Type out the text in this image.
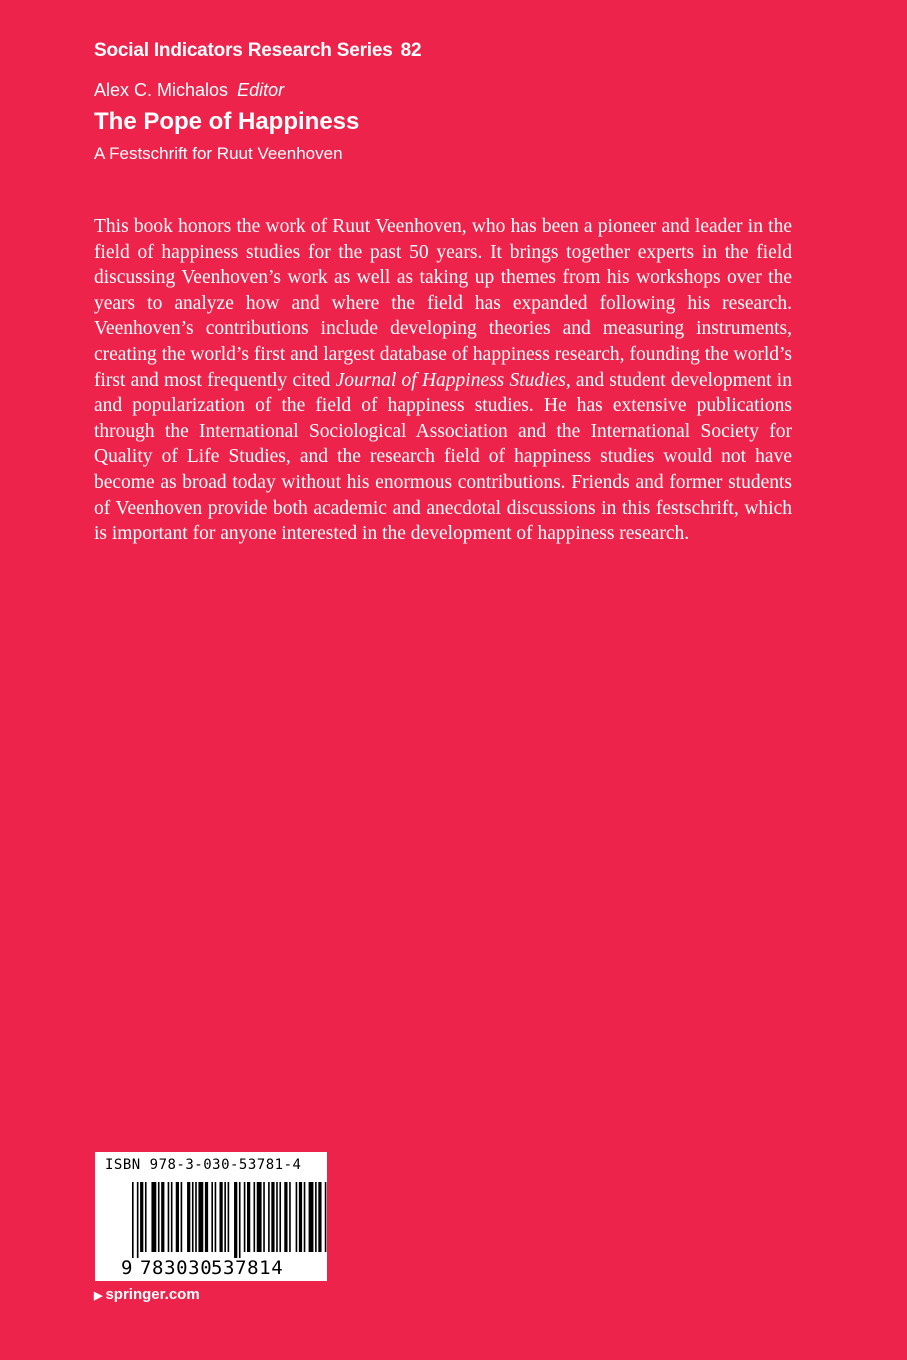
Social Indicators Research Series 82
Alex C. Michalos Editor
The Pope of Happiness
A Festschrift for Ruut Veenhoven

This book honors the work of Ruut Veenhoven, who has been a pioneer and leader in the field of happiness studies for the past 50 years. It brings together experts in the field discussing Veenhoven’s work as well as taking up themes from his workshops over the years to analyze how and where the field has expanded following his research. Veenhoven’s contributions include developing theories and measuring instruments, creating the world’s first and largest database of happiness research, founding the world’s first and most frequently cited Journal of Happiness Studies, and student development in and popularization of the field of happiness studies. He has extensive publications through the International Sociological Association and the International Society for Quality of Life Studies, and the research field of happiness studies would not have become as broad today without his enormous contributions. Friends and former students of Veenhoven provide both academic and anecdotal discussions in this festschrift, which is important for anyone interested in the development of happiness research.

ISBN 978-3-030-53781-4
9 783030
537814
▶ springer.com
